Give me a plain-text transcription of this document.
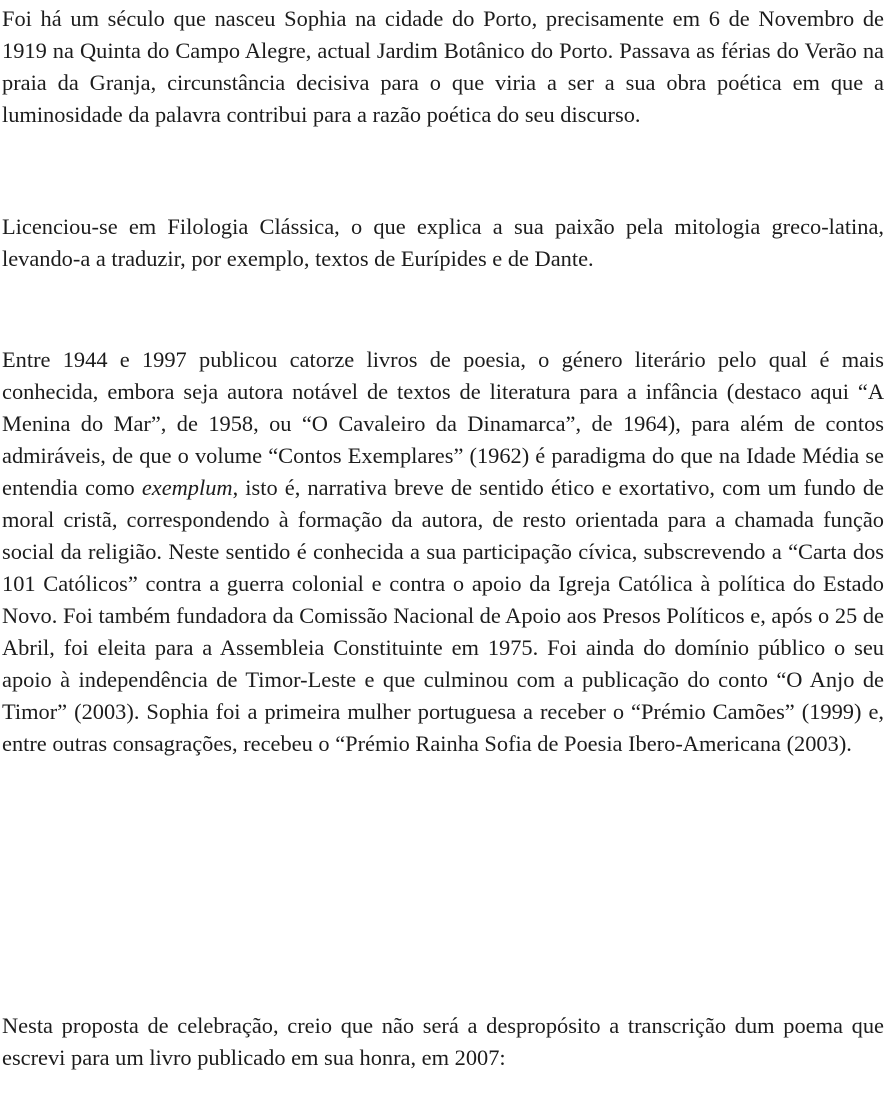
Foi há um século que nasceu Sophia na cidade do Porto, precisamente em 6 de Novembro de 1919 na Quinta do Campo Alegre, actual Jardim Botânico do Porto. Passava as férias do Verão na praia da Granja, circunstância decisiva para o que viria a ser a sua obra poética em que a luminosidade da palavra contribui para a razão poética do seu discurso.

Licenciou-se em Filologia Clássica, o que explica a sua paixão pela mitologia greco-latina, levando-a a traduzir, por exemplo, textos de Eurípides e de Dante.

Entre 1944 e 1997 publicou catorze livros de poesia, o género literário pelo qual é mais conhecida, embora seja autora notável de textos de literatura para a infância (destaco aqui “A Menina do Mar”, de 1958, ou “O Cavaleiro da Dinamarca”, de 1964), para além de contos admiráveis, de que o volume “Contos Exemplares” (1962) é paradigma do que na Idade Média se entendia como exemplum, isto é, narrativa breve de sentido ético e exortativo, com um fundo de moral cristã, correspondendo à formação da autora, de resto orientada para a chamada função social da religião. Neste sentido é conhecida a sua participação cívica, subscrevendo a “Carta dos 101 Católicos” contra a guerra colonial e contra o apoio da Igreja Católica à política do Estado Novo. Foi também fundadora da Comissão Nacional de Apoio aos Presos Políticos e, após o 25 de Abril, foi eleita para a Assembleia Constituinte em 1975. Foi ainda do domínio público o seu apoio à independência de Timor-Leste e que culminou com a publicação do conto “O Anjo de Timor” (2003). Sophia foi a primeira mulher portuguesa a receber o “Prémio Camões” (1999) e, entre outras consagrações, recebeu o “Prémio Rainha Sofia de Poesia Ibero-Americana (2003).

Nesta proposta de celebração, creio que não será a despropósito a transcrição dum poema que escrevi para um livro publicado em sua honra, em 2007:
